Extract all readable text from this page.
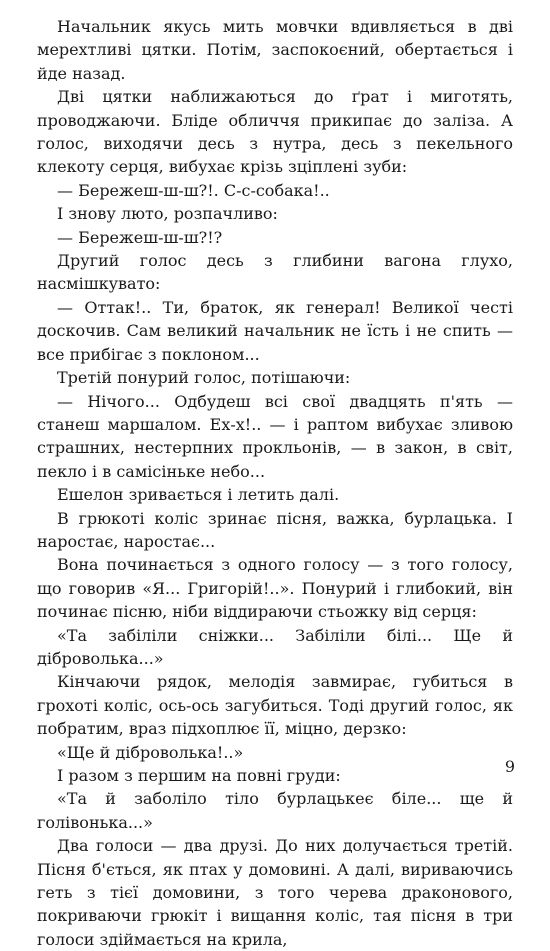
Начальник якусь мить мовчки вдивляється в дві мерехтливі цятки. Потім, заспокоєний, обертається і йде назад.

Дві цятки наближаються до ґрат і миготять, проводжаючи. Бліде обличчя прикипає до заліза. А голос, виходячи десь з нутра, десь з пекельного клекоту серця, вибухає крізь зціплені зуби:

— Бережеш-ш-ш?!. С-с-собака!..

І знову люто, розпачливо:

— Бережеш-ш-ш?!?

Другий голос десь з глибини вагона глухо, насмішкувато:

— Оттак!.. Ти, браток, як генерал! Великої честі доскочив. Сам великий начальник не їсть і не спить — все прибігає з поклоном...

Третій понурий голос, потішаючи:

— Нічого... Одбудеш всі свої двадцять п'ять — станеш маршалом. Ех-х!.. — і раптом вибухає зливою страшних, нестерпних прокльонів, — в закон, в світ, пекло і в самісіньке небо...

Ешелон зривається і летить далі.

В грюкоті коліс зринає пісня, важка, бурлацька. І наростає, наростає...

Вона починається з одного голосу — з того голосу, що говорив «Я... Григорій!..». Понурий і глибокий, він починає пісню, ніби віддираючи стьожку від серця:

«Та забіліли сніжки... Забіліли білі... Ще й діброволька...»

Кінчаючи рядок, мелодія завмирає, губиться в грохоті коліс, ось-ось загубиться. Тоді другий голос, як побратим, враз підхоплює її, міцно, дерзко:

«Ще й діброволька!..»

І разом з першим на повні груди:

«Та й заболіло тіло бурлацькеє біле... ще й голівонька...»

Два голоси — два друзі. До них долучається третій. Пісня б'ється, як птах у домовині. А далі, вириваючись геть з тієї домовини, з того черева драконового, покриваючи грюкіт і вищання коліс, тая пісня в три голоси здіймається на крила,

9
